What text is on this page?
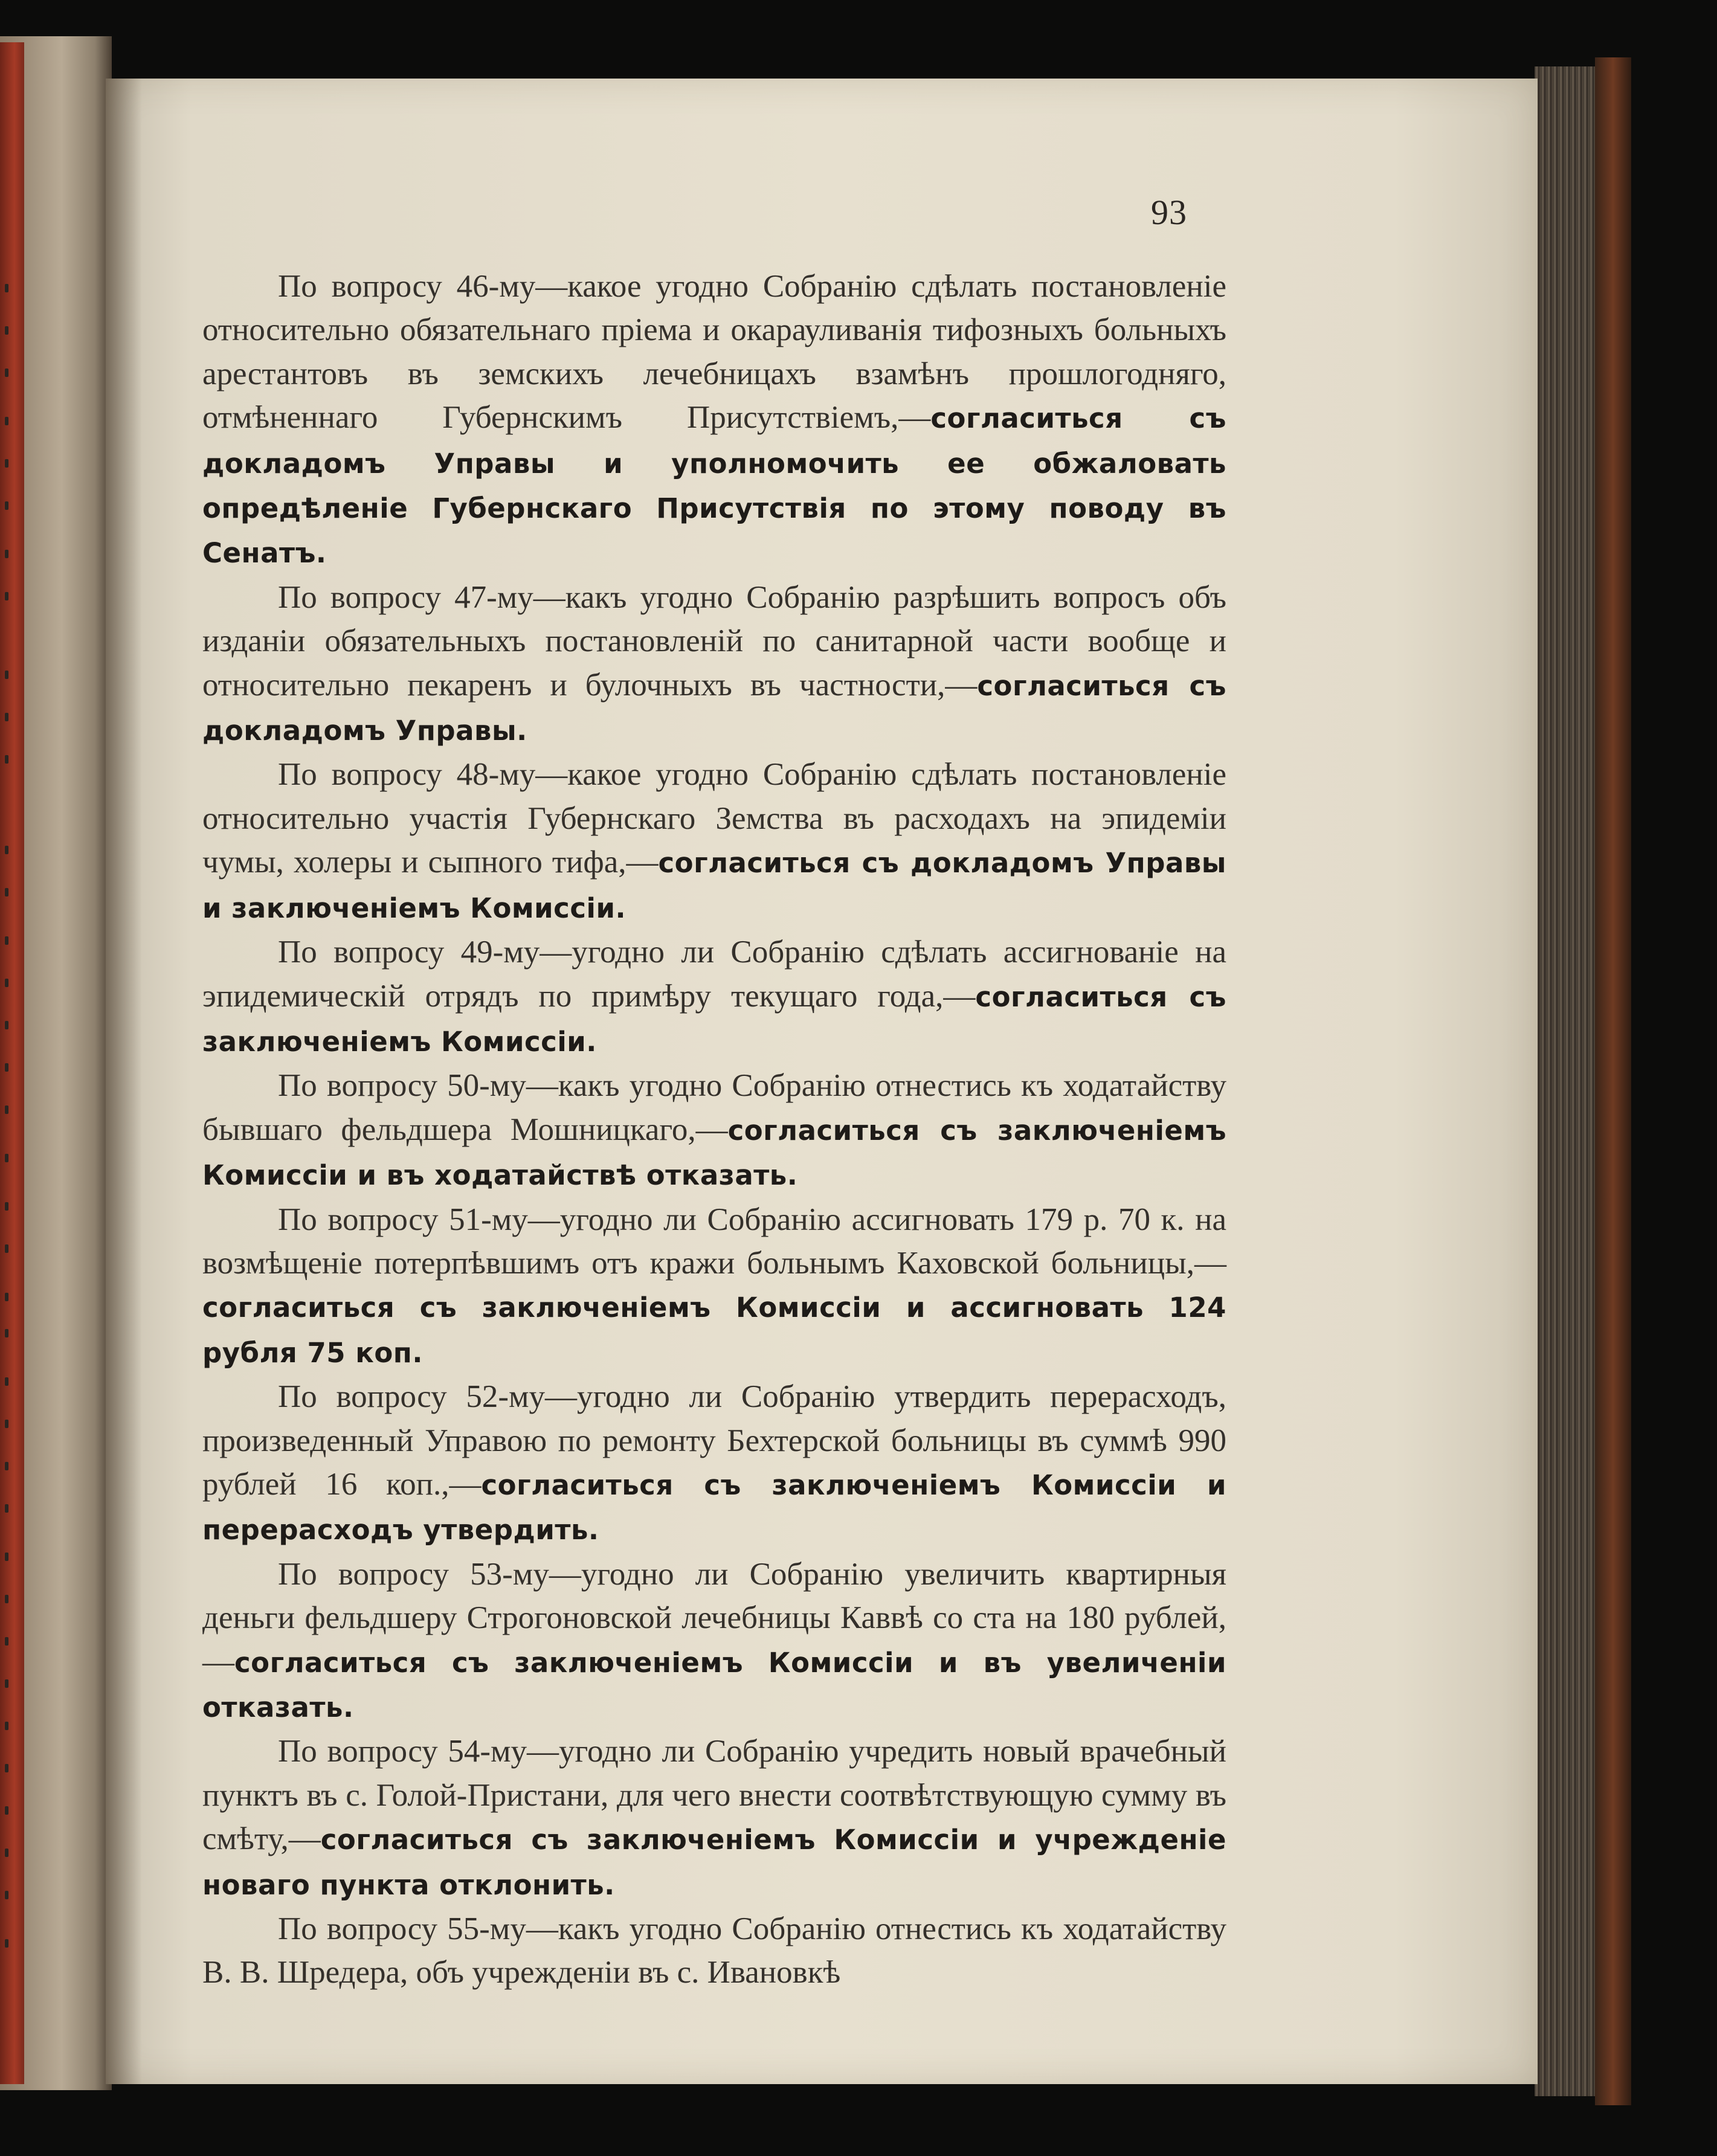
93

По вопросу 46-му—какое угодно Собранію сдѣлать постановленіе относительно обязательнаго пріема и окарауливанія тифозныхъ больныхъ арестантовъ въ земскихъ лечебницахъ взамѣнъ прошлогодняго, отмѣненнаго Губернскимъ Присутствіемъ,—согласиться съ докладомъ Управы и уполномочить ее обжаловать опредѣленіе Губернскаго Присутствія по этому поводу въ Сенатъ.

По вопросу 47-му—какъ угодно Собранію разрѣшить вопросъ объ изданіи обязательныхъ постановленій по санитарной части вообще и относительно пекаренъ и булочныхъ въ частности,—согласиться съ докладомъ Управы.

По вопросу 48-му—какое угодно Собранію сдѣлать постановленіе относительно участія Губернскаго Земства въ расходахъ на эпидеміи чумы, холеры и сыпного тифа,—согласиться съ докладомъ Управы и заключеніемъ Комиссіи.

По вопросу 49-му—угодно ли Собранію сдѣлать ассигнованіе на эпидемическій отрядъ по примѣру текущаго года,—согласиться съ заключеніемъ Комиссіи.

По вопросу 50-му—какъ угодно Собранію отнестись къ ходатайству бывшаго фельдшера Мошницкаго,—согласиться съ заключеніемъ Комиссіи и въ ходатайствѣ отказать.

По вопросу 51-му—угодно ли Собранію ассигновать 179 р. 70 к. на возмѣщеніе потерпѣвшимъ отъ кражи больнымъ Каховской больницы,—согласиться съ заключеніемъ Комиссіи и ассигновать 124 рубля 75 коп.

По вопросу 52-му—угодно ли Собранію утвердить перерасходъ, произведенный Управою по ремонту Бехтерской больницы въ суммѣ 990 рублей 16 коп.,—согласиться съ заключеніемъ Комиссіи и перерасходъ утвердить.

По вопросу 53-му—угодно ли Собранію увеличить квартирныя деньги фельдшеру Строгоновской лечебницы Каввѣ со ста на 180 рублей,—согласиться съ заключеніемъ Комиссіи и въ увеличеніи отказать.

По вопросу 54-му—угодно ли Собранію учредить новый врачебный пунктъ въ с. Голой-Пристани, для чего внести соотвѣтствующую сумму въ смѣту,—согласиться съ заключеніемъ Комиссіи и учрежденіе новаго пункта отклонить.

По вопросу 55-му—какъ угодно Собранію отнестись къ ходатайству В. В. Шредера, объ учрежденіи въ с. Ивановкѣ
